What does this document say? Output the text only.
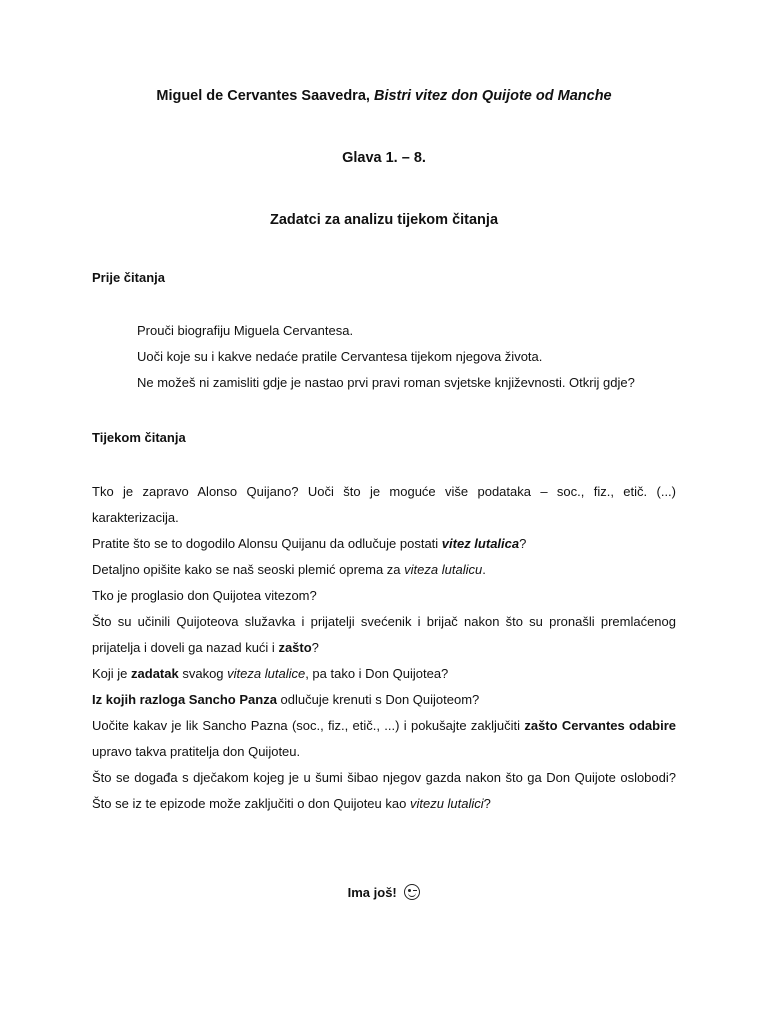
Miguel de Cervantes Saavedra, Bistri vitez don Quijote od Manche
Glava 1. – 8.
Zadatci za analizu tijekom čitanja
Prije čitanja

Prouči biografiju Miguela Cervantesa.

Uoči koje su i kakve nedaće pratile Cervantesa tijekom njegova života.

Ne možeš ni zamisliti gdje je nastao prvi pravi roman svjetske književnosti. Otkrij gdje?

Tijekom čitanja

Tko je zapravo Alonso Quijano? Uoči što je moguće više podataka – soc., fiz., etič. (...) karakterizacija.

Pratite što se to dogodilo Alonsu Quijanu da odlučuje postati vitez lutalica?

Detaljno opišite kako se naš seoski plemić oprema za viteza lutalicu.

Tko je proglasio don Quijotea vitezom?

Što su učinili Quijoteova služavka i prijatelji svećenik i brijač nakon što su pronašli premlaćenog prijatelja i doveli ga nazad kući i zašto?

Koji je zadatak svakog viteza lutalice, pa tako i Don Quijotea?

Iz kojih razloga Sancho Panza odlučuje krenuti s Don Quijoteom?

Uočite kakav je lik Sancho Pazna (soc., fiz., etič., ...) i pokušajte zaključiti zašto Cervantes odabire upravo takva pratitelja don Quijoteu.

Što se događa s dječakom kojeg je u šumi šibao njegov gazda nakon što ga Don Quijote oslobodi? Što se iz te epizode može zaključiti o don Quijoteu kao vitezu lutalici?

Ima još!
